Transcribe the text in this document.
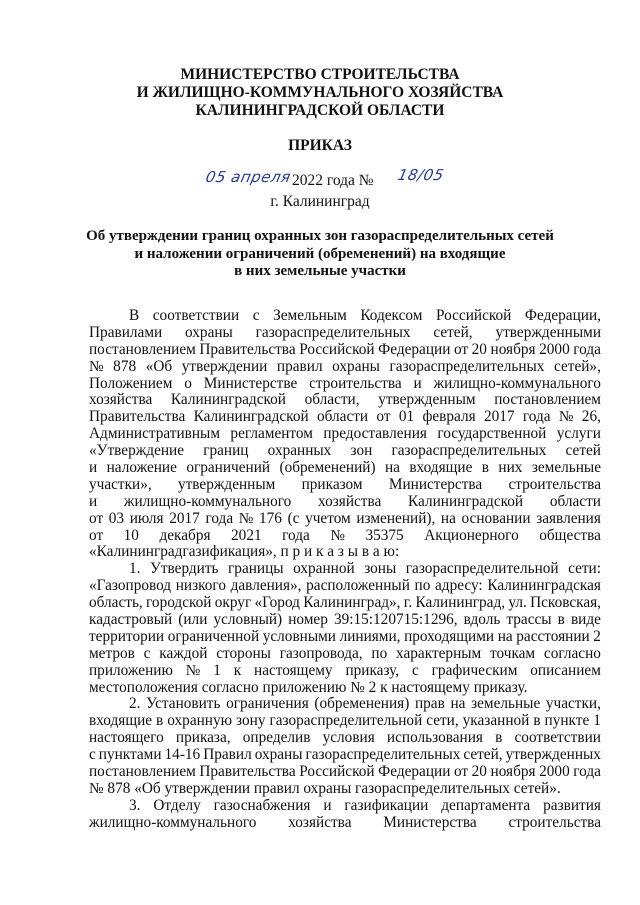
МИНИСТЕРСТВО СТРОИТЕЛЬСТВА
И ЖИЛИЩНО-КОММУНАЛЬНОГО ХОЗЯЙСТВА
КАЛИНИНГРАДСКОЙ ОБЛАСТИ
ПРИКАЗ
05 апреля 2022 года № 18/05
г. Калининград
Об утверждении границ охранных зон газораспределительных сетей
и наложении ограничений (обременений) на входящие
в них земельные участки
В соответствии с Земельным Кодексом Российской Федерации,
Правилами охраны газораспределительных сетей, утвержденными
постановлением Правительства Российской Федерации от 20 ноября 2000 года
№ 878 «Об утверждении правил охраны газораспределительных сетей»,
Положением о Министерстве строительства и жилищно-коммунального
хозяйства Калининградской области, утвержденным постановлением
Правительства Калининградской области от 01 февраля 2017 года № 26,
Административным регламентом предоставления государственной услуги
«Утверждение границ охранных зон газораспределительных сетей
и наложение ограничений (обременений) на входящие в них земельные
участки», утвержденным приказом Министерства строительства
и жилищно-коммунального хозяйства Калининградской области
от 03 июля 2017 года № 176 (с учетом изменений), на основании заявления
от 10 декабря 2021 года № 35375 Акционерного общества
«Калининградгазификация», п р и к а з ы в а ю:
1. Утвердить границы охранной зоны газораспределительной сети:
«Газопровод низкого давления», расположенный по адресу: Калининградская
область, городской округ «Город Калининград», г. Калининград, ул. Псковская,
кадастровый (или условный) номер 39:15:120715:1296, вдоль трассы в виде
территории ограниченной условными линиями, проходящими на расстоянии 2
метров с каждой стороны газопровода, по характерным точкам согласно
приложению № 1 к настоящему приказу, с графическим описанием
местоположения согласно приложению № 2 к настоящему приказу.
2. Установить ограничения (обременения) прав на земельные участки,
входящие в охранную зону газораспределительной сети, указанной в пункте 1
настоящего приказа, определив условия использования в соответствии
с пунктами 14-16 Правил охраны газораспределительных сетей, утвержденных
постановлением Правительства Российской Федерации от 20 ноября 2000 года
№ 878 «Об утверждении правил охраны газораспределительных сетей».
3. Отделу газоснабжения и газификации департамента развития
жилищно-коммунального хозяйства Министерства строительства
